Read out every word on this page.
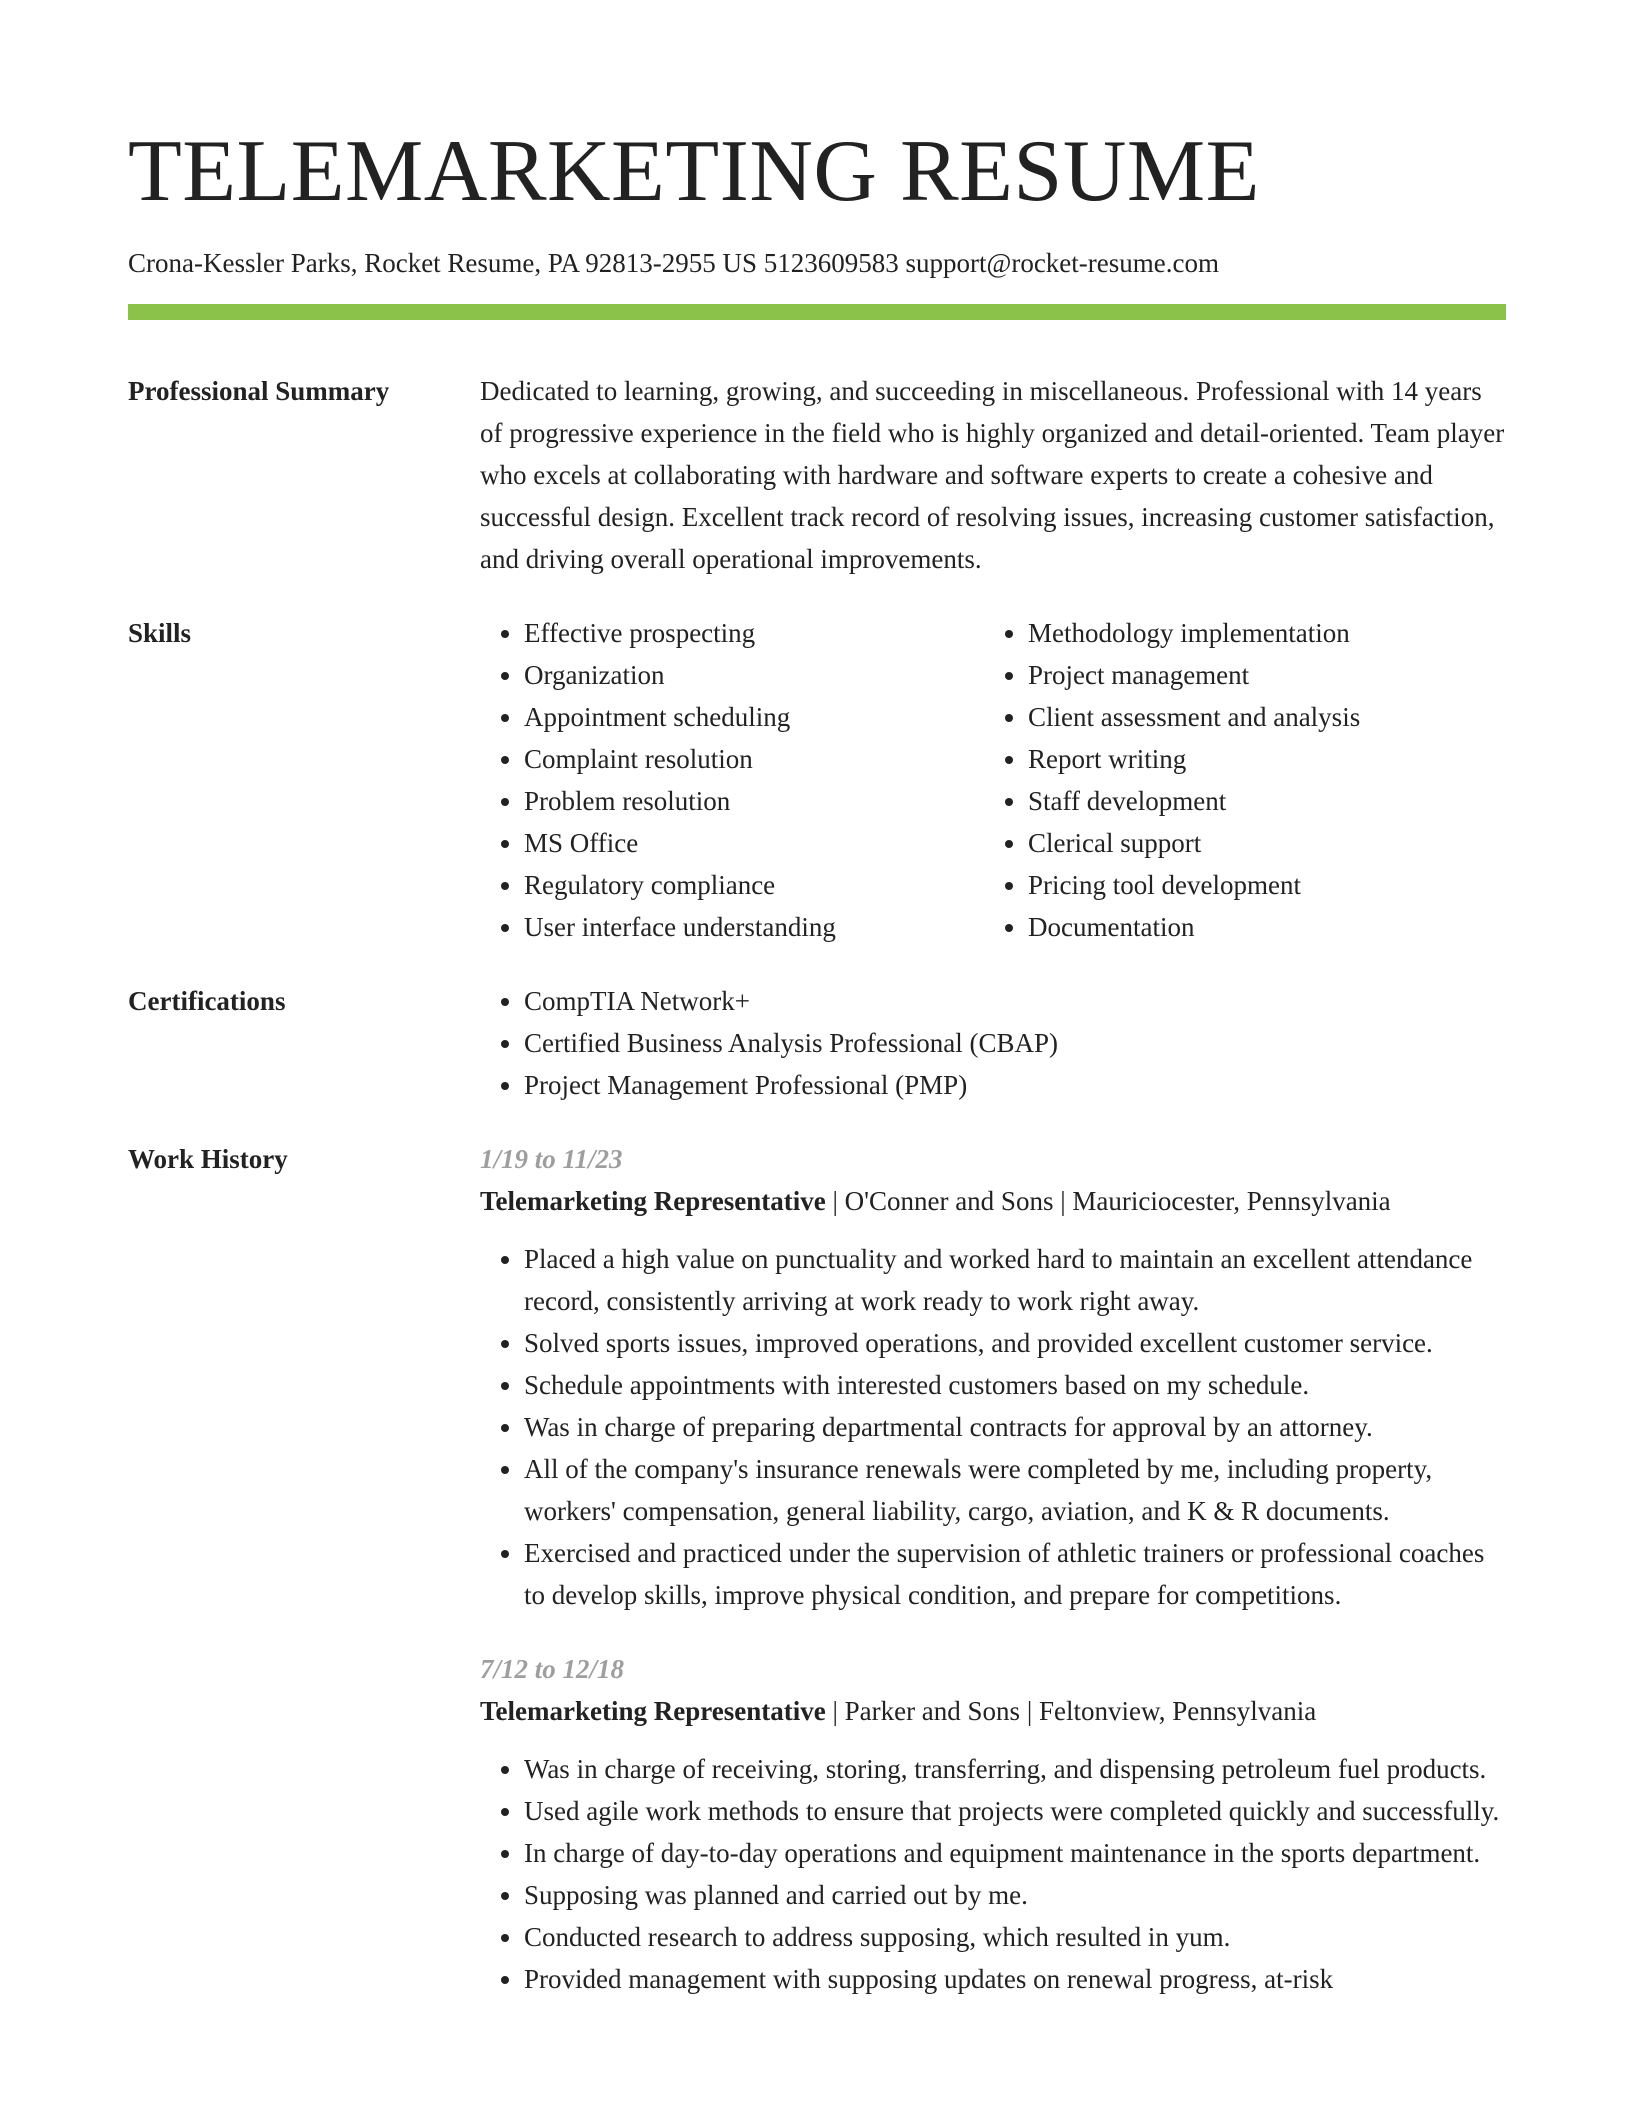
TELEMARKETING RESUME
Crona-Kessler Parks, Rocket Resume, PA 92813-2955 US 5123609583 support@rocket-resume.com
Professional Summary	Dedicated to learning, growing, and succeeding in miscellaneous. Professional with 14 years of progressive experience in the field who is highly organized and detail-oriented. Team player who excels at collaborating with hardware and software experts to create a cohesive and successful design. Excellent track record of resolving issues, increasing customer satisfaction, and driving overall operational improvements.
Skills	• Effective prospecting
• Organization
• Appointment scheduling
• Complaint resolution
• Problem resolution
• MS Office
• Regulatory compliance
• User interface understanding
• Methodology implementation
• Project management
• Client assessment and analysis
• Report writing
• Staff development
• Clerical support
• Pricing tool development
• Documentation
Certifications	• CompTIA Network+
• Certified Business Analysis Professional (CBAP)
• Project Management Professional (PMP)
Work History	1/19 to 11/23
Telemarketing Representative | O'Conner and Sons | Mauriciocester, Pennsylvania
• Placed a high value on punctuality and worked hard to maintain an excellent attendance record, consistently arriving at work ready to work right away.
• Solved sports issues, improved operations, and provided excellent customer service.
• Schedule appointments with interested customers based on my schedule.
• Was in charge of preparing departmental contracts for approval by an attorney.
• All of the company's insurance renewals were completed by me, including property, workers' compensation, general liability, cargo, aviation, and K & R documents.
• Exercised and practiced under the supervision of athletic trainers or professional coaches to develop skills, improve physical condition, and prepare for competitions.
7/12 to 12/18
Telemarketing Representative | Parker and Sons | Feltonview, Pennsylvania
• Was in charge of receiving, storing, transferring, and dispensing petroleum fuel products.
• Used agile work methods to ensure that projects were completed quickly and successfully.
• In charge of day-to-day operations and equipment maintenance in the sports department.
• Supposing was planned and carried out by me.
• Conducted research to address supposing, which resulted in yum.
• Provided management with supposing updates on renewal progress, at-risk
